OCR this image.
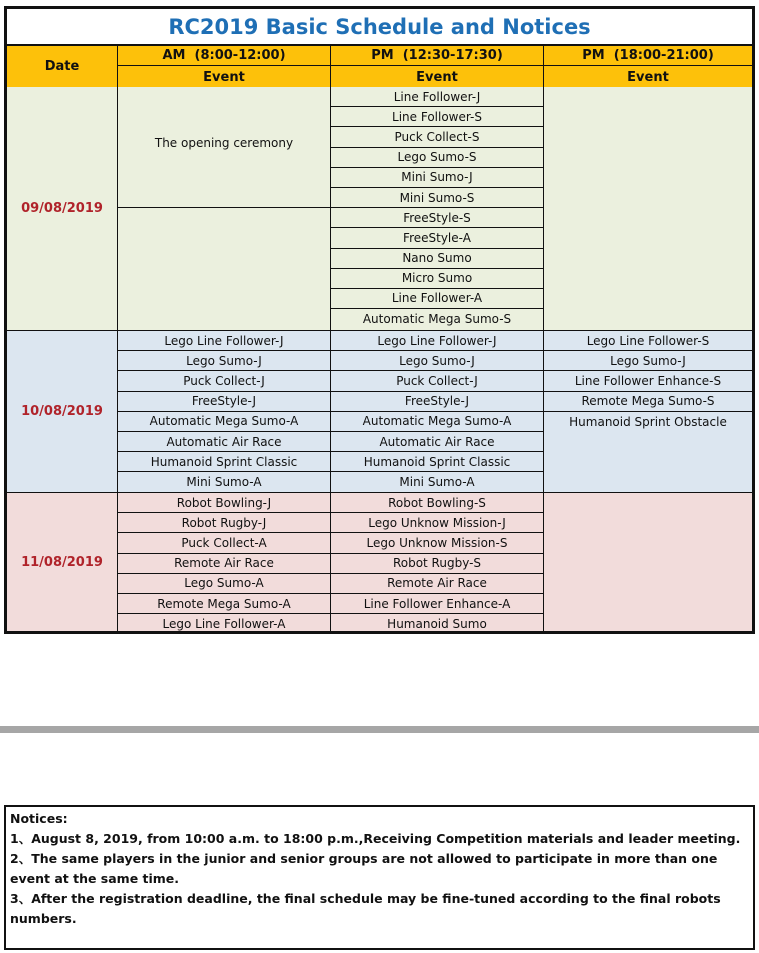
RC2019 Basic Schedule and Notices
Date
AM  (8:00-12:00)
Event
PM  (12:30-17:30)
Event
PM  (18:00-21:00)
Event
09/08/2019
The opening ceremony
Line Follower-J
Line Follower-S
Puck Collect-S
Lego Sumo-S
Mini Sumo-J
Mini Sumo-S
FreeStyle-S
FreeStyle-A
Nano Sumo
Micro Sumo
Line Follower-A
Automatic Mega Sumo-S
10/08/2019
Lego Line Follower-J
Lego Sumo-J
Puck Collect-J
FreeStyle-J
Automatic Mega Sumo-A
Automatic Air Race
Humanoid Sprint Classic
Mini Sumo-A
Lego Line Follower-J
Lego Sumo-J
Puck Collect-J
FreeStyle-J
Automatic Mega Sumo-A
Automatic Air Race
Humanoid Sprint Classic
Mini Sumo-A
Lego Line Follower-S
Lego Sumo-J
Line Follower Enhance-S
Remote Mega Sumo-S
Humanoid Sprint Obstacle
11/08/2019
Robot Bowling-J
Robot Rugby-J
Puck Collect-A
Remote Air Race
Lego Sumo-A
Remote Mega Sumo-A
Lego Line Follower-A
Robot Bowling-S
Lego Unknow Mission-J
Lego Unknow Mission-S
Robot Rugby-S
Remote Air Race
Line Follower Enhance-A
Humanoid Sumo

Notices:

1、August 8, 2019, from 10:00 a.m. to 18:00 p.m.,Receiving Competition materials and leader meeting.

2、The same players in the junior and senior groups are not allowed to participate in more than one event at the same time.

3、After the registration deadline, the final schedule may be fine-tuned according to the final robots numbers.
